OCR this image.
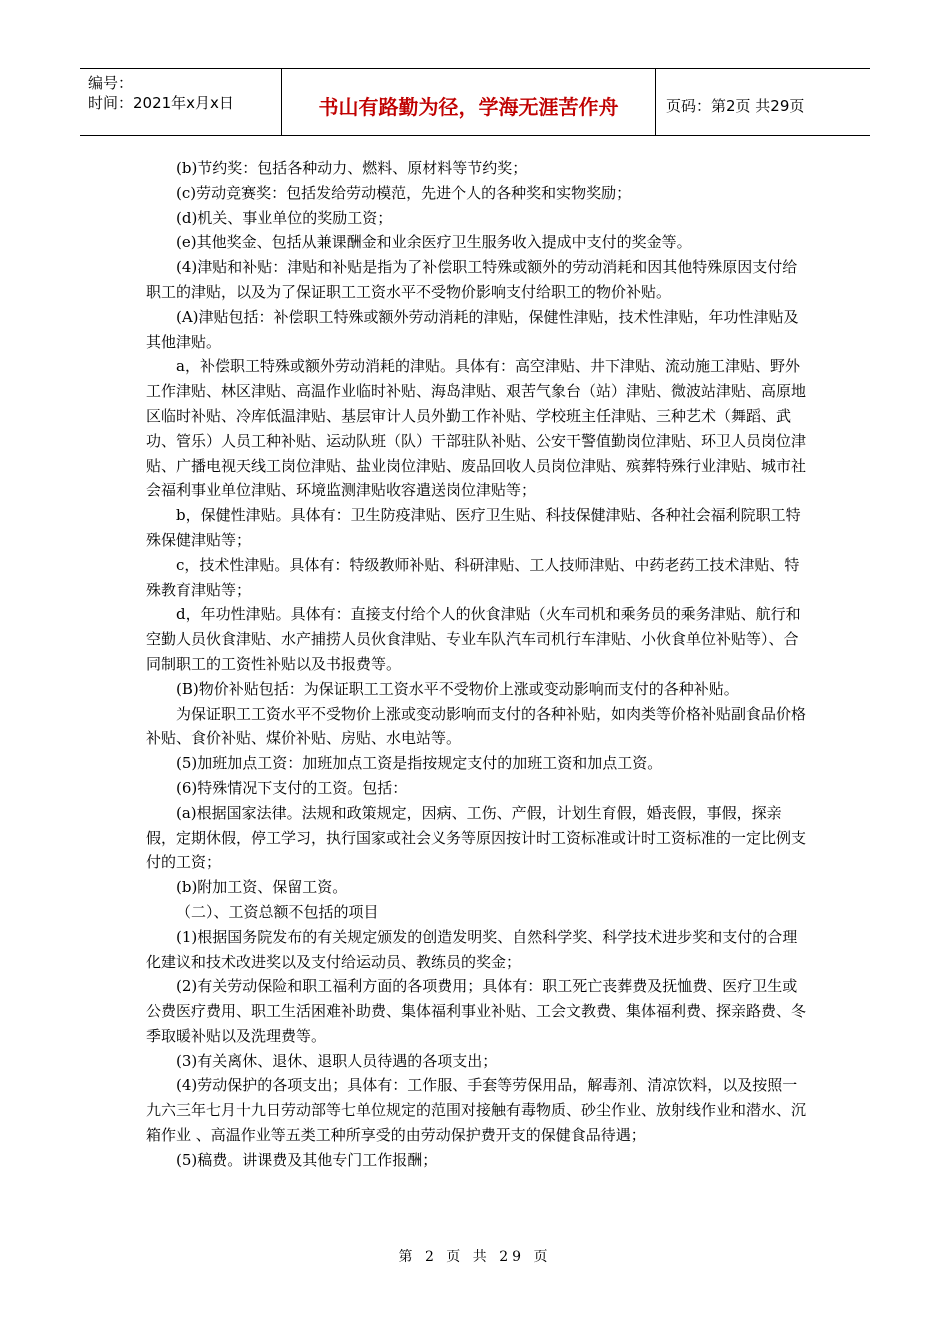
编号：
时间：2021年x月x日	书山有路勤为径，学海无涯苦作舟	页码：第2页 共29页

(b)节约奖：包括各种动力、燃料、原材料等节约奖；

(c)劳动竞赛奖：包括发给劳动模范，先进个人的各种奖和实物奖励；

(d)机关、事业单位的奖励工资；

(e)其他奖金、包括从兼课酬金和业余医疗卫生服务收入提成中支付的奖金等。

(4)津贴和补贴：津贴和补贴是指为了补偿职工特殊或额外的劳动消耗和因其他特殊原因支付给职工的津贴，以及为了保证职工工资水平不受物价影响支付给职工的物价补贴。

(A)津贴包括：补偿职工特殊或额外劳动消耗的津贴，保健性津贴，技术性津贴，年功性津贴及其他津贴。

a，补偿职工特殊或额外劳动消耗的津贴。具体有：高空津贴、井下津贴、流动施工津贴、野外工作津贴、林区津贴、高温作业临时补贴、海岛津贴、艰苦气象台（站）津贴、微波站津贴、高原地区临时补贴、冷库低温津贴、基层审计人员外勤工作补贴、学校班主任津贴、三种艺术（舞蹈、武功、管乐）人员工种补贴、运动队班（队）干部驻队补贴、公安干警值勤岗位津贴、环卫人员岗位津贴、广播电视天线工岗位津贴、盐业岗位津贴、废品回收人员岗位津贴、殡葬特殊行业津贴、城市社会福利事业单位津贴、环境监测津贴收容遣送岗位津贴等；

b，保健性津贴。具体有：卫生防疫津贴、医疗卫生贴、科技保健津贴、各种社会福利院职工特殊保健津贴等；

c，技术性津贴。具体有：特级教师补贴、科研津贴、工人技师津贴、中药老药工技术津贴、特殊教育津贴等；

d，年功性津贴。具体有：直接支付给个人的伙食津贴（火车司机和乘务员的乘务津贴、航行和空勤人员伙食津贴、水产捕捞人员伙食津贴、专业车队汽车司机行车津贴、小伙食单位补贴等）、合同制职工的工资性补贴以及书报费等。

(B)物价补贴包括：为保证职工工资水平不受物价上涨或变动影响而支付的各种补贴。

为保证职工工资水平不受物价上涨或变动影响而支付的各种补贴，如肉类等价格补贴副食品价格补贴、食价补贴、煤价补贴、房贴、水电站等。

(5)加班加点工资：加班加点工资是指按规定支付的加班工资和加点工资。

(6)特殊情况下支付的工资。包括：

(a)根据国家法律。法规和政策规定，因病、工伤、产假，计划生育假，婚丧假，事假，探亲假，定期休假，停工学习，执行国家或社会义务等原因按计时工资标准或计时工资标准的一定比例支付的工资；

(b)附加工资、保留工资。

（二）、工资总额不包括的项目

(1)根据国务院发布的有关规定颁发的创造发明奖、自然科学奖、科学技术进步奖和支付的合理化建议和技术改进奖以及支付给运动员、教练员的奖金；

(2)有关劳动保险和职工福利方面的各项费用；具体有：职工死亡丧葬费及抚恤费、医疗卫生或公费医疗费用、职工生活困难补助费、集体福利事业补贴、工会文教费、集体福利费、探亲路费、冬季取暖补贴以及洗理费等。

(3)有关离休、退休、退职人员待遇的各项支出；

(4)劳动保护的各项支出；具体有：工作服、手套等劳保用品，解毒剂、清凉饮料，以及按照一九六三年七月十九日劳动部等七单位规定的范围对接触有毒物质、砂尘作业、放射线作业和潜水、沉箱作业 、高温作业等五类工种所享受的由劳动保护费开支的保健食品待遇；

(5)稿费。讲课费及其他专门工作报酬；

第 2 页 共 29 页
